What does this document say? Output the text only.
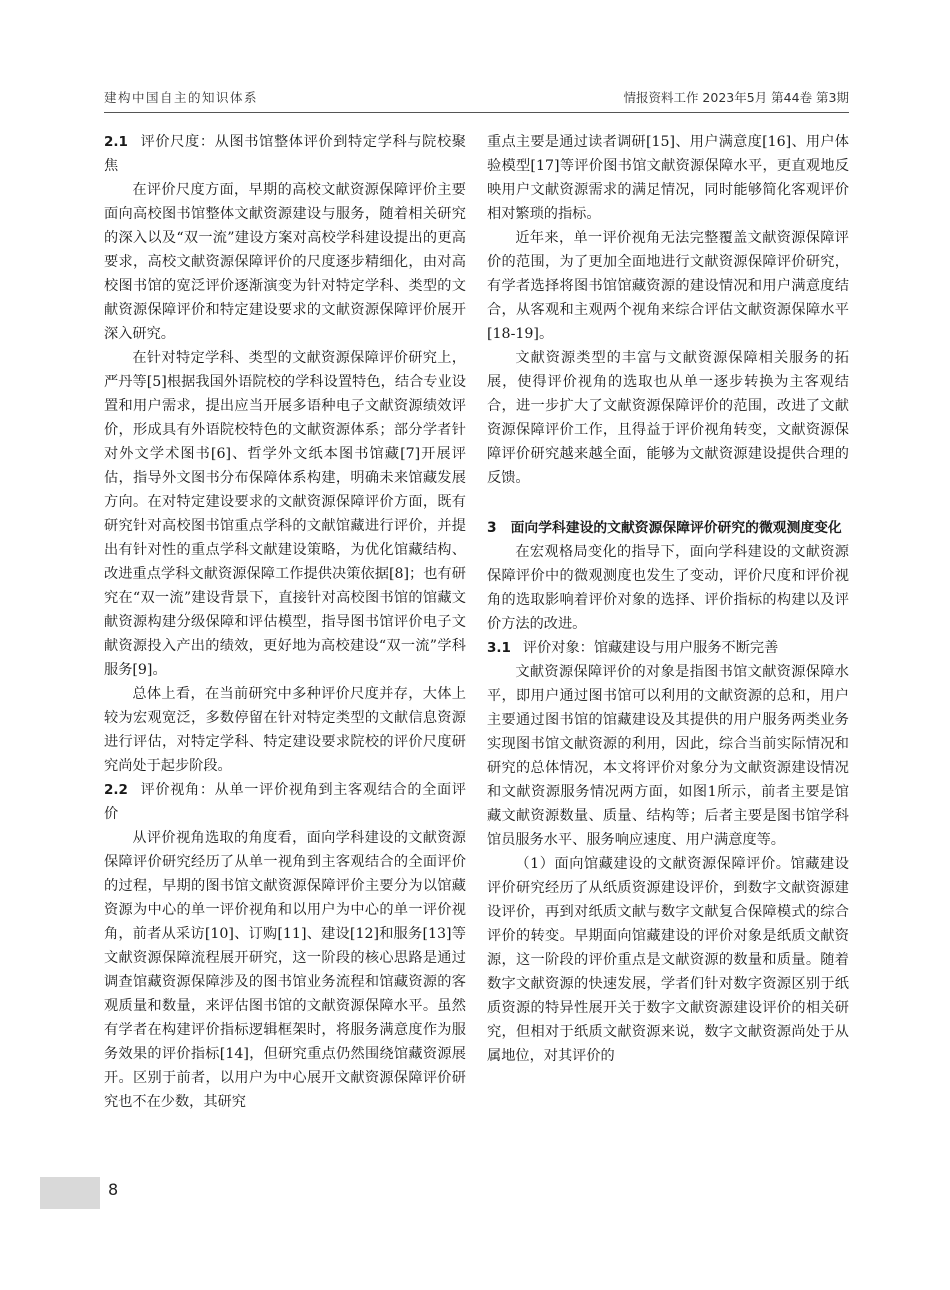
建构中国自主的知识体系	情报资料工作 2023年5月 第44卷 第3期

2.1 评价尺度：从图书馆整体评价到特定学科与院校聚焦

在评价尺度方面，早期的高校文献资源保障评价主要面向高校图书馆整体文献资源建设与服务，随着相关研究的深入以及“双一流”建设方案对高校学科建设提出的更高要求，高校文献资源保障评价的尺度逐步精细化，由对高校图书馆的宽泛评价逐渐演变为针对特定学科、类型的文献资源保障评价和特定建设要求的文献资源保障评价展开深入研究。

在针对特定学科、类型的文献资源保障评价研究上，严丹等[5]根据我国外语院校的学科设置特色，结合专业设置和用户需求，提出应当开展多语种电子文献资源绩效评价，形成具有外语院校特色的文献资源体系；部分学者针对外文学术图书[6]、哲学外文纸本图书馆藏[7]开展评估，指导外文图书分布保障体系构建，明确未来馆藏发展方向。在对特定建设要求的文献资源保障评价方面，既有研究针对高校图书馆重点学科的文献馆藏进行评价，并提出有针对性的重点学科文献建设策略，为优化馆藏结构、改进重点学科文献资源保障工作提供决策依据[8]；也有研究在“双一流”建设背景下，直接针对高校图书馆的馆藏文献资源构建分级保障和评估模型，指导图书馆评价电子文献资源投入产出的绩效，更好地为高校建设“双一流”学科服务[9]。

总体上看，在当前研究中多种评价尺度并存，大体上较为宏观宽泛，多数停留在针对特定类型的文献信息资源进行评估，对特定学科、特定建设要求院校的评价尺度研究尚处于起步阶段。

2.2 评价视角：从单一评价视角到主客观结合的全面评价

从评价视角选取的角度看，面向学科建设的文献资源保障评价研究经历了从单一视角到主客观结合的全面评价的过程，早期的图书馆文献资源保障评价主要分为以馆藏资源为中心的单一评价视角和以用户为中心的单一评价视角，前者从采访[10]、订购[11]、建设[12]和服务[13]等文献资源保障流程展开研究，这一阶段的核心思路是通过调查馆藏资源保障涉及的图书馆业务流程和馆藏资源的客观质量和数量，来评估图书馆的文献资源保障水平。虽然有学者在构建评价指标逻辑框架时，将服务满意度作为服务效果的评价指标[14]，但研究重点仍然围绕馆藏资源展开。区别于前者，以用户为中心展开文献资源保障评价研究也不在少数，其研究

重点主要是通过读者调研[15]、用户满意度[16]、用户体验模型[17]等评价图书馆文献资源保障水平，更直观地反映用户文献资源需求的满足情况，同时能够简化客观评价相对繁琐的指标。

近年来，单一评价视角无法完整覆盖文献资源保障评价的范围，为了更加全面地进行文献资源保障评价研究，有学者选择将图书馆馆藏资源的建设情况和用户满意度结合，从客观和主观两个视角来综合评估文献资源保障水平[18-19]。

文献资源类型的丰富与文献资源保障相关服务的拓展，使得评价视角的选取也从单一逐步转换为主客观结合，进一步扩大了文献资源保障评价的范围，改进了文献资源保障评价工作，且得益于评价视角转变，文献资源保障评价研究越来越全面，能够为文献资源建设提供合理的反馈。

3 面向学科建设的文献资源保障评价研究的微观测度变化

在宏观格局变化的指导下，面向学科建设的文献资源保障评价中的微观测度也发生了变动，评价尺度和评价视角的选取影响着评价对象的选择、评价指标的构建以及评价方法的改进。

3.1 评价对象：馆藏建设与用户服务不断完善

文献资源保障评价的对象是指图书馆文献资源保障水平，即用户通过图书馆可以利用的文献资源的总和，用户主要通过图书馆的馆藏建设及其提供的用户服务两类业务实现图书馆文献资源的利用，因此，综合当前实际情况和研究的总体情况，本文将评价对象分为文献资源建设情况和文献资源服务情况两方面，如图1所示，前者主要是馆藏文献资源数量、质量、结构等；后者主要是图书馆学科馆员服务水平、服务响应速度、用户满意度等。

（1）面向馆藏建设的文献资源保障评价。馆藏建设评价研究经历了从纸质资源建设评价，到数字文献资源建设评价，再到对纸质文献与数字文献复合保障模式的综合评价的转变。早期面向馆藏建设的评价对象是纸质文献资源，这一阶段的评价重点是文献资源的数量和质量。随着数字文献资源的快速发展，学者们针对数字资源区别于纸质资源的特异性展开关于数字文献资源建设评价的相关研究，但相对于纸质文献资源来说，数字文献资源尚处于从属地位，对其评价的

8
